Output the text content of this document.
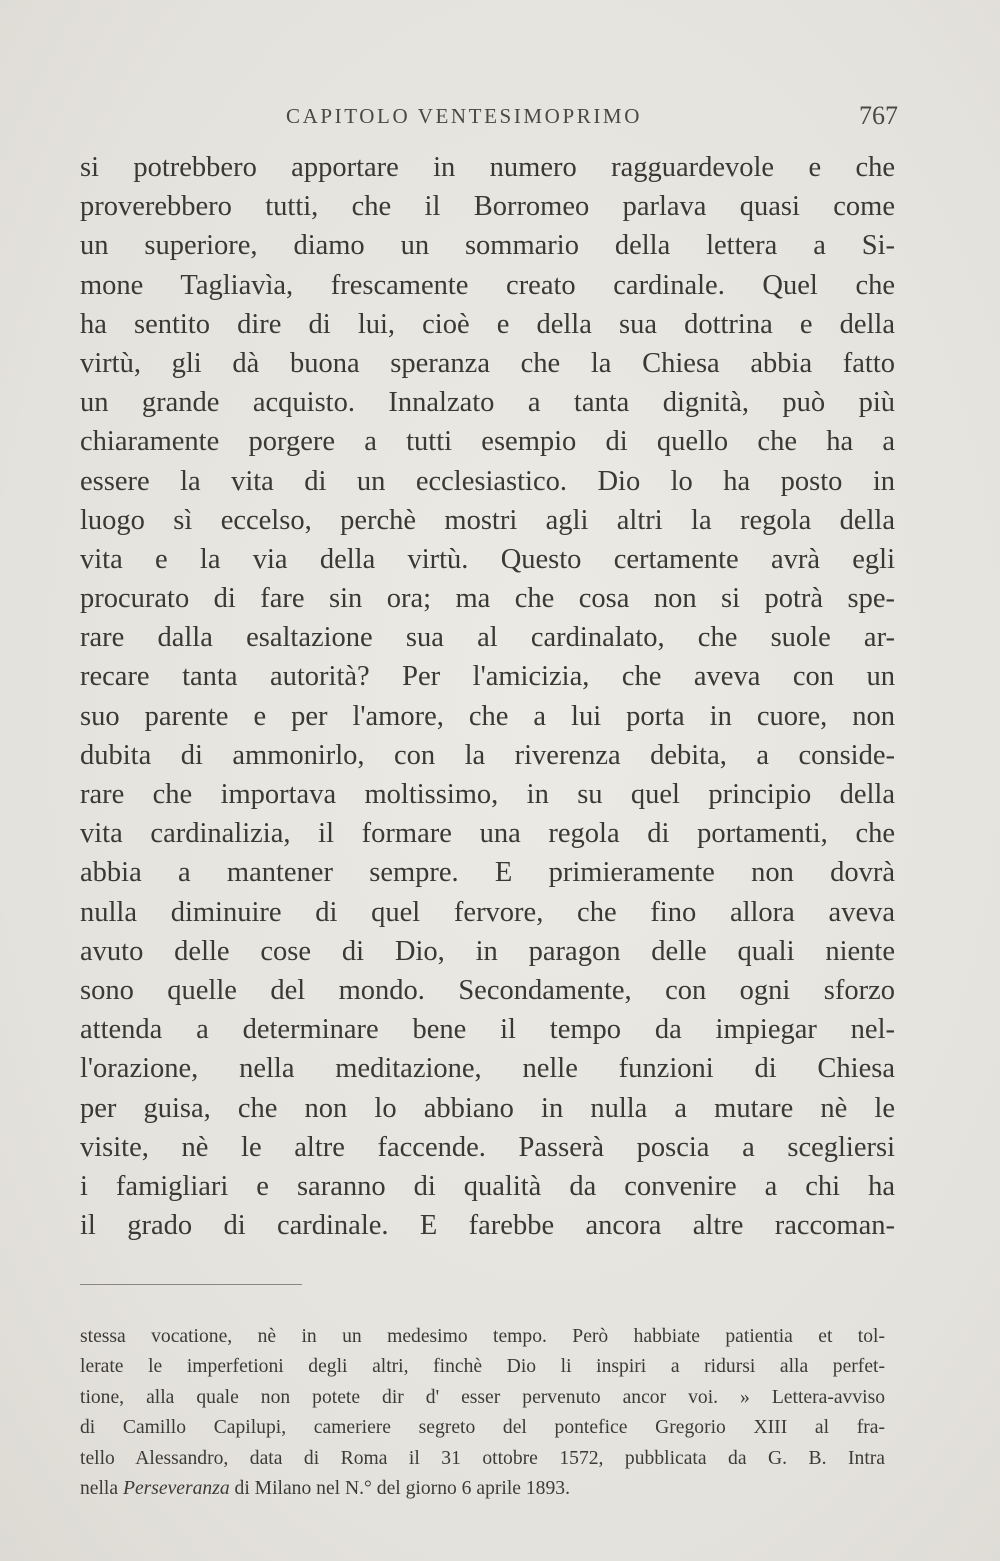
CAPITOLO VENTESIMOPRIMO	767
si potrebbero apportare in numero ragguardevole e che
proverebbero tutti, che il Borromeo parlava quasi come
un superiore, diamo un sommario della lettera a Si-
mone Tagliavìa, frescamente creato cardinale. Quel che
ha sentito dire di lui, cioè e della sua dottrina e della
virtù, gli dà buona speranza che la Chiesa abbia fatto
un grande acquisto. Innalzato a tanta dignità, può più
chiaramente porgere a tutti esempio di quello che ha a
essere la vita di un ecclesiastico. Dio lo ha posto in
luogo sì eccelso, perchè mostri agli altri la regola della
vita e la via della virtù. Questo certamente avrà egli
procurato di fare sin ora; ma che cosa non si potrà spe-
rare dalla esaltazione sua al cardinalato, che suole ar-
recare tanta autorità? Per l'amicizia, che aveva con un
suo parente e per l'amore, che a lui porta in cuore, non
dubita di ammonirlo, con la riverenza debita, a conside-
rare che importava moltissimo, in su quel principio della
vita cardinalizia, il formare una regola di portamenti, che
abbia a mantener sempre. E primieramente non dovrà
nulla diminuire di quel fervore, che fino allora aveva
avuto delle cose di Dio, in paragon delle quali niente
sono quelle del mondo. Secondamente, con ogni sforzo
attenda a determinare bene il tempo da impiegar nel-
l'orazione, nella meditazione, nelle funzioni di Chiesa
per guisa, che non lo abbiano in nulla a mutare nè le
visite, nè le altre faccende. Passerà poscia a scegliersi
i famigliari e saranno di qualità da convenire a chi ha
il grado di cardinale. E farebbe ancora altre raccoman-
stessa vocatione, nè in un medesimo tempo. Però habbiate patientia et tol-
lerate le imperfetioni degli altri, finchè Dio li inspiri a ridursi alla perfet-
tione, alla quale non potete dir d' esser pervenuto ancor voi. » Lettera-avviso
di Camillo Capilupi, cameriere segreto del pontefice Gregorio XIII al fra-
tello Alessandro, data di Roma il 31 ottobre 1572, pubblicata da G. B. Intra
nella Perseveranza di Milano nel N.° del giorno 6 aprile 1893.
